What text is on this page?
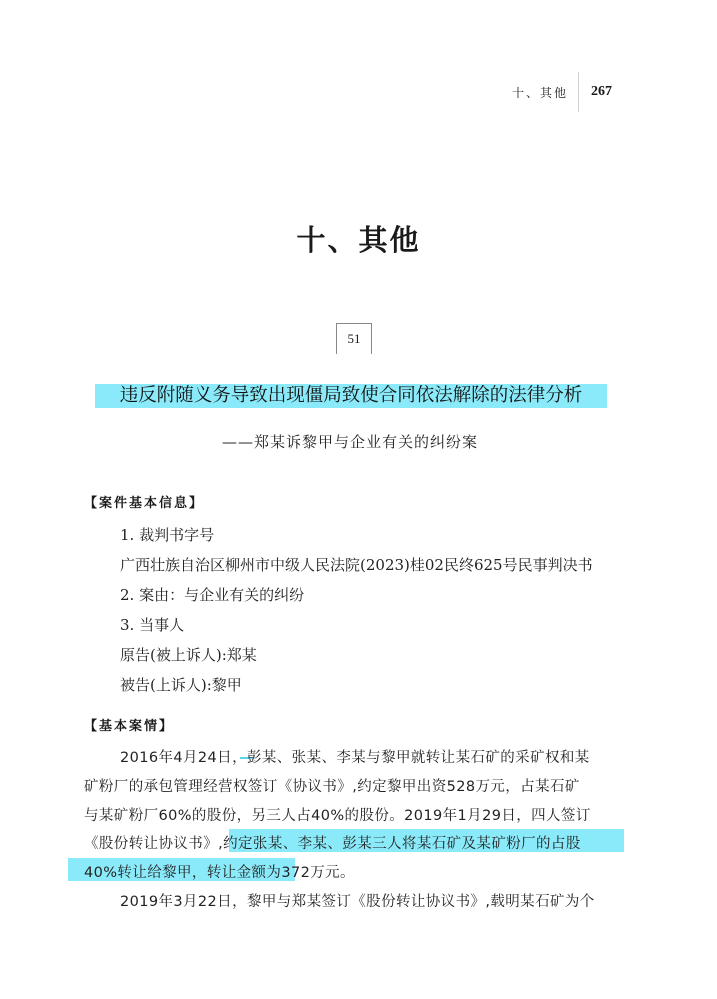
十、其他	267
十、其他
51
违反附随义务导致出现僵局致使合同依法解除的法律分析
——郑某诉黎甲与企业有关的纠纷案
【案件基本信息】
1. 裁判书字号
广西壮族自治区柳州市中级人民法院(2023)桂02民终625号民事判决书
2. 案由：与企业有关的纠纷
3. 当事人
原告(被上诉人):郑某
被告(上诉人):黎甲
【基本案情】
2016年4月24日，彭某、张某、李某与黎甲就转让某石矿的采矿权和某
矿粉厂的承包管理经营权签订《协议书》,约定黎甲出资528万元，占某石矿
与某矿粉厂60%的股份，另三人占40%的股份。2019年1月29日，四人签订
《股份转让协议书》,约定张某、李某、彭某三人将某石矿及某矿粉厂的占股
40%转让给黎甲，转让金额为372万元。
2019年3月22日，黎甲与郑某签订《股份转让协议书》,载明某石矿为个
